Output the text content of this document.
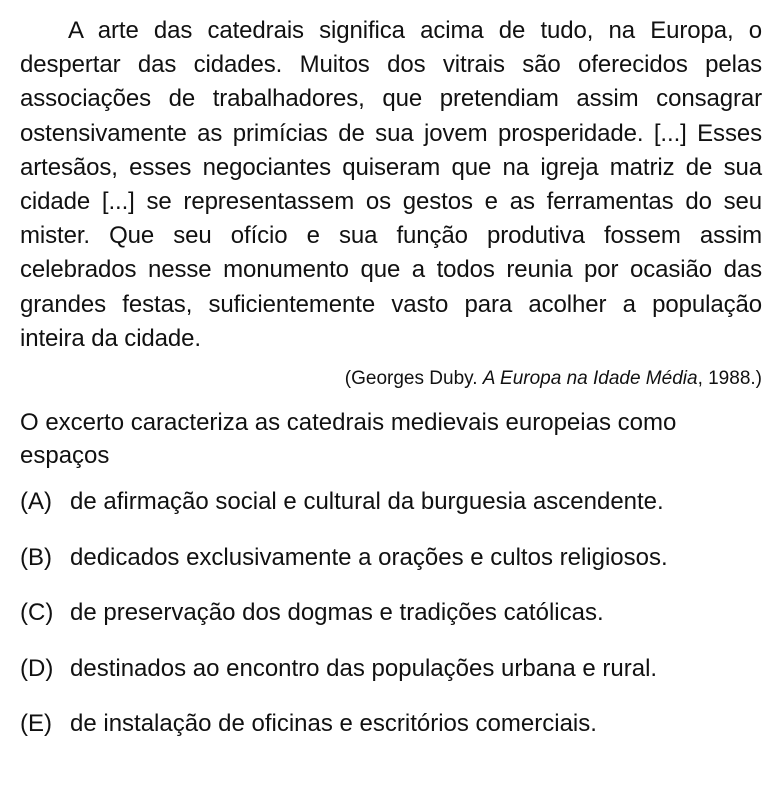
A arte das catedrais significa acima de tudo, na Europa, o despertar das cidades. Muitos dos vitrais são oferecidos pelas associações de trabalhadores, que pretendiam assim consagrar ostensivamente as primícias de sua jovem prosperidade. [...] Esses artesãos, esses negociantes quiseram que na igreja matriz de sua cidade [...] se representassem os gestos e as ferramentas do seu mister. Que seu ofício e sua função produtiva fossem assim celebrados nesse monumento que a todos reunia por ocasião das grandes festas, suficientemente vasto para acolher a população inteira da cidade.

(Georges Duby. A Europa na Idade Média, 1988.)

O excerto caracteriza as catedrais medievais europeias como espaços

(A) de afirmação social e cultural da burguesia ascendente.
(B) dedicados exclusivamente a orações e cultos religiosos.
(C) de preservação dos dogmas e tradições católicas.
(D) destinados ao encontro das populações urbana e rural.
(E) de instalação de oficinas e escritórios comerciais.
